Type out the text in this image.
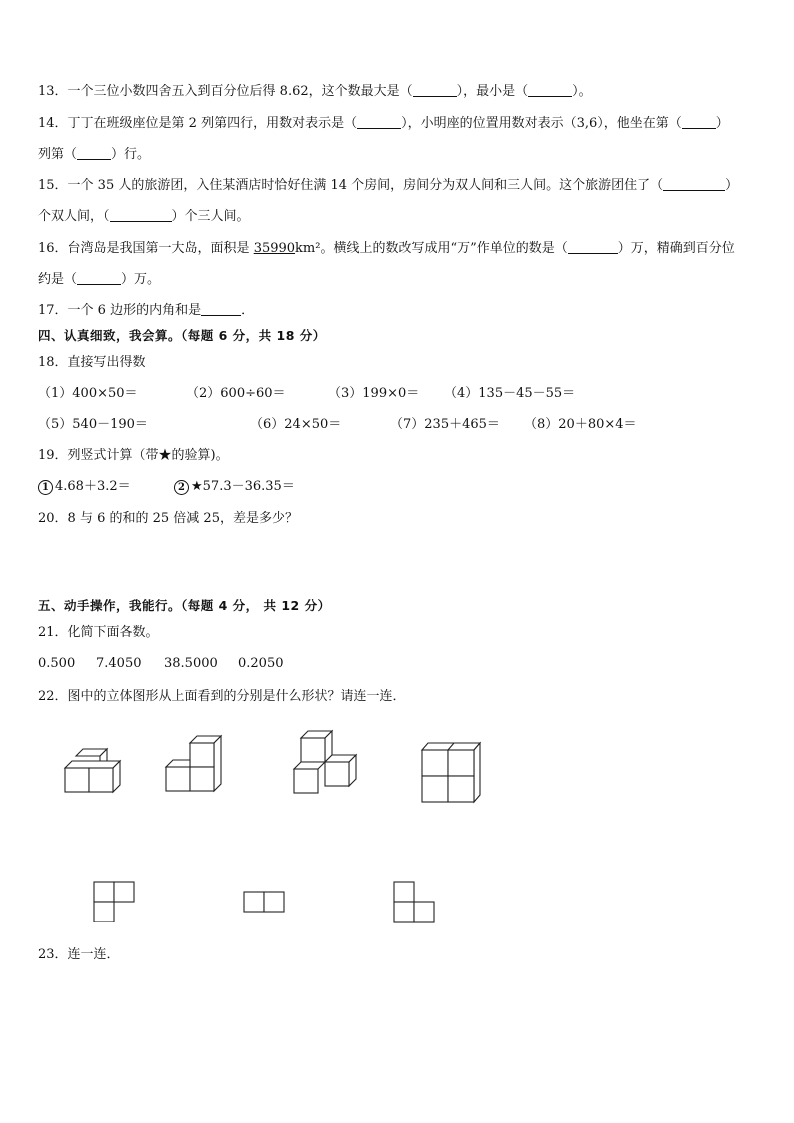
13．一个三位小数四舍五入到百分位后得 8.62，这个数最大是（	），最小是（	）。
14．丁丁在班级座位是第 2 列第四行，用数对表示是（	），小明座的位置用数对表示（3,6），他坐在第（	）
列第（	）行。
15．一个 35 人的旅游团，入住某酒店时恰好住满 14 个房间，房间分为双人间和三人间。这个旅游团住了（	）
个双人间，（	）个三人间。
16．台湾岛是我国第一大岛，面积是 35990km²。横线上的数改写成用“万”作单位的数是（	）万，精确到百分位
约是（	）万。
17．一个 6 边形的内角和是	．
四、认真细致，我会算。（每题 6 分，共 18 分）
18．直接写出得数
（1）400×50＝	（2）600÷60＝	（3）199×0＝ （4）135－45－55＝
（5）540－190＝	（6）24×50＝	（7）235＋465＝ （8）20＋80×4＝
19．列竖式计算（带★的验算)。
1 4.68＋3.2＝	2 ★57.3－36.35＝
20．8 与 6 的和的 25 倍减 25，差是多少？
五、动手操作，我能行。（每题 4 分， 共 12 分）
21．化简下面各数。
0.500 7.4050 38.5000 0.2050
22．图中的立体图形从上面看到的分别是什么形状？请连一连．
23．连一连．
